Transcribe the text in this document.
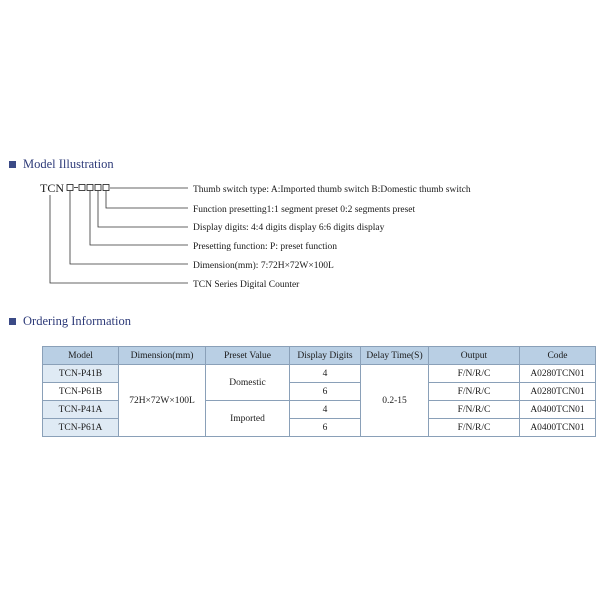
Model Illustration
TCN	Thumb switch type: A:Imported thumb switch B:Domestic thumb switch
Function presetting1:1 segment preset 0:2 segments preset
Display digits: 4:4 digits display 6:6 digits display
Presetting function: P: preset function
Dimension(mm): 7:72H×72W×100L
TCN Series Digital Counter
Ordering Information
Model	Dimension(mm)	Preset Value	Display Digits	Delay Time(S)	Output	Code
TCN-P41B	72H×72W×100L	Domestic	4	0.2-15	F/N/R/C	A0280TCN01
TCN-P61B			6		F/N/R/C	A0280TCN01
TCN-P41A		Imported	4		F/N/R/C	A0400TCN01
TCN-P61A			6		F/N/R/C	A0400TCN01
